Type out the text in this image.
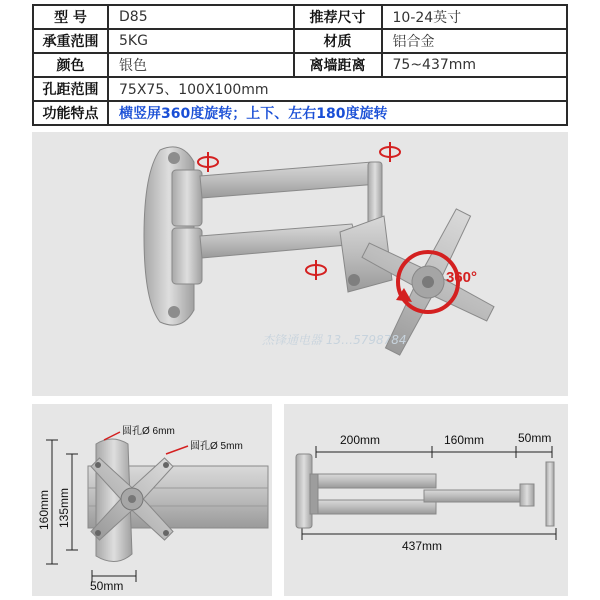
型 号	D85	推荐尺寸	10-24英寸
承重范围	5KG	材质	铝合金
颜色	银色	离墙距离	75~437mm
孔距范围	75X75、100X100mm		
功能特点	横竖屏360度旋转；上下、左右180度旋转		
360°
杰锋通电器 13…5798784
圆孔Ø 6mm
圆孔Ø 5mm
160mm 135mm
50mm
200mm	160mm	50mm
437mm
